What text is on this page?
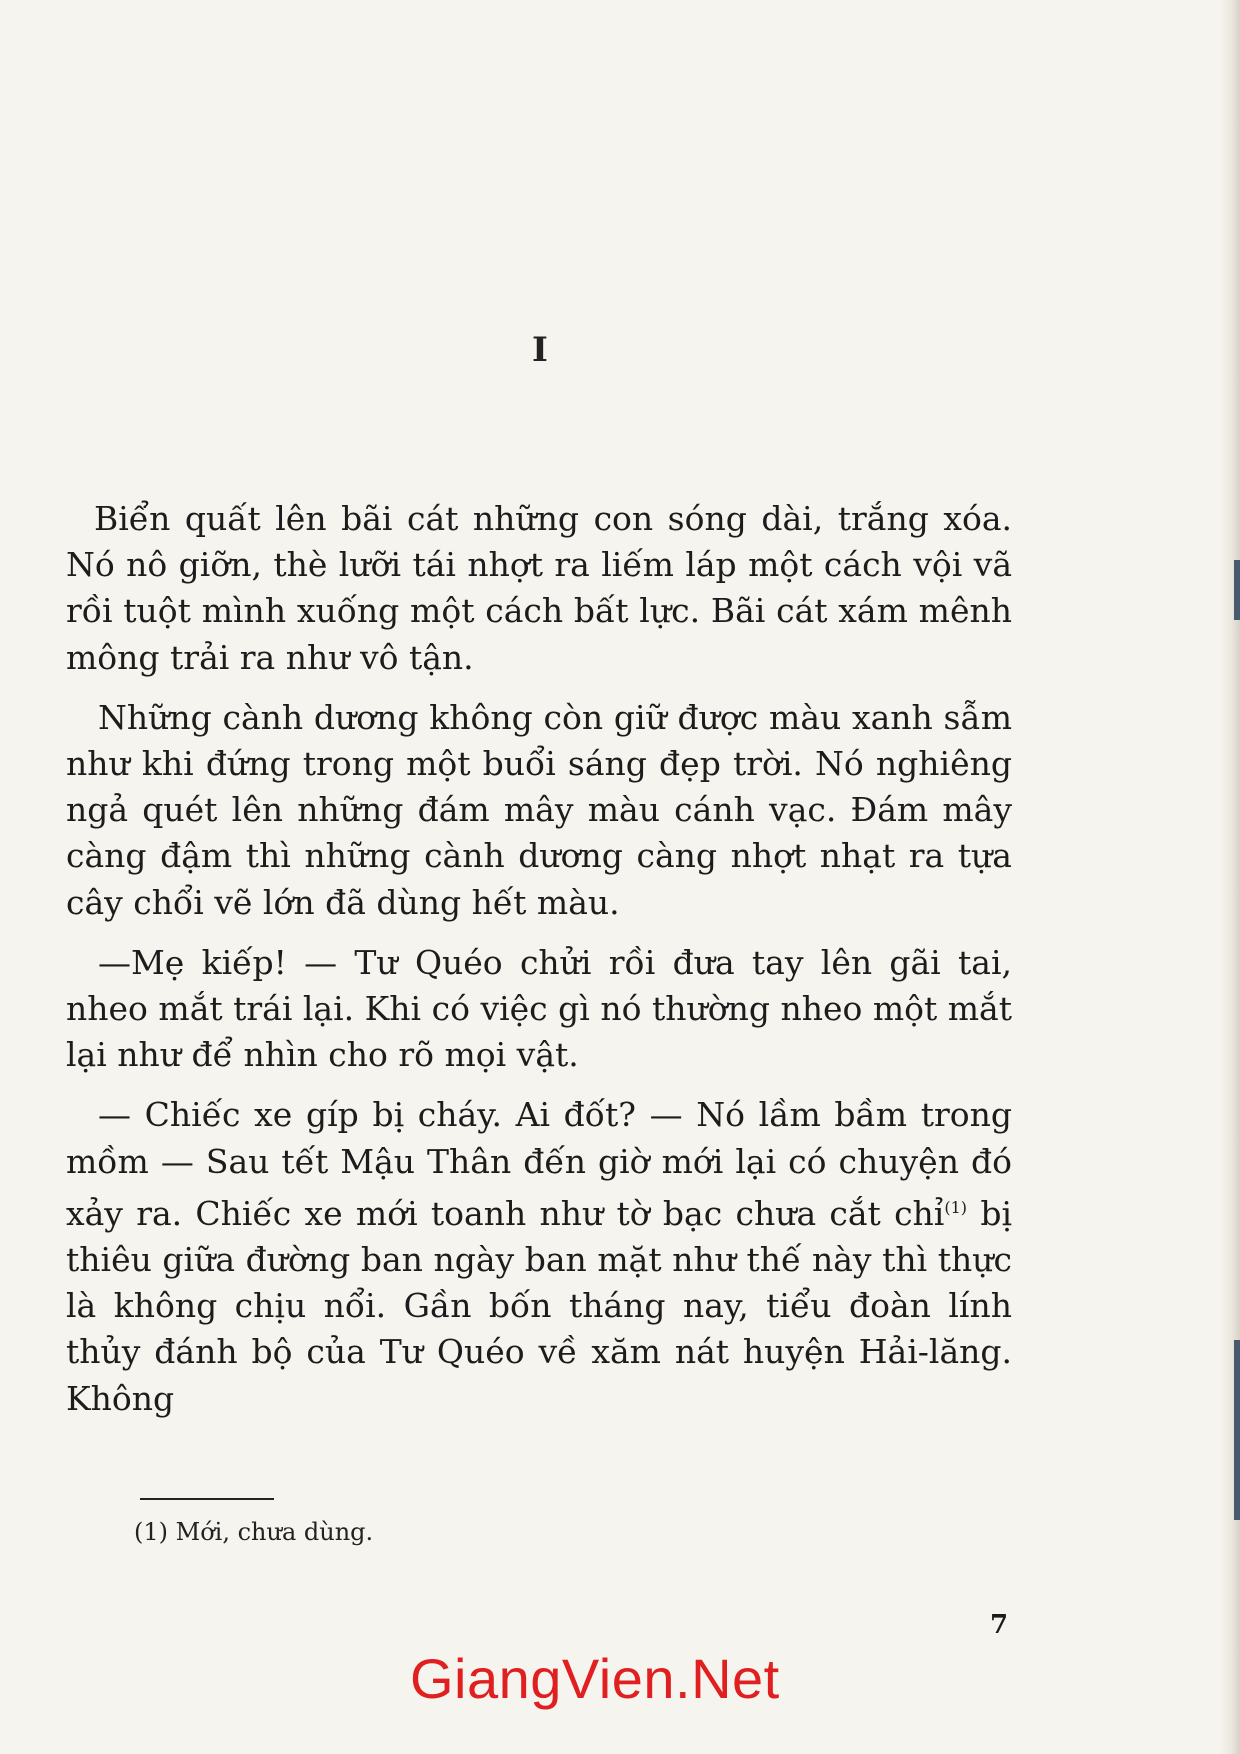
I

Biển quất lên bãi cát những con sóng dài, trắng xóa. Nó nô giỡn, thè lưỡi tái nhợt ra liếm láp một cách vội vã rồi tuột mình xuống một cách bất lực. Bãi cát xám mênh mông trải ra như vô tận.

Những cành dương không còn giữ được màu xanh sẫm như khi đứng trong một buổi sáng đẹp trời. Nó nghiêng ngả quét lên những đám mây màu cánh vạc. Đám mây càng đậm thì những cành dương càng nhợt nhạt ra tựa cây chổi vẽ lớn đã dùng hết màu.

—Mẹ kiếp! — Tư Quéo chửi rồi đưa tay lên gãi tai, nheo mắt trái lại. Khi có việc gì nó thường nheo một mắt lại như để nhìn cho rõ mọi vật.

— Chiếc xe gíp bị cháy. Ai đốt? — Nó lầm bầm trong mồm — Sau tết Mậu Thân đến giờ mới lại có chuyện đó xảy ra. Chiếc xe mới toanh như tờ bạc chưa cắt chỉ$^{(1)}$ bị thiêu giữa đường ban ngày ban mặt như thế này thì thực là không chịu nổi. Gần bốn tháng nay, tiểu đoàn lính thủy đánh bộ của Tư Quéo về xăm nát huyện Hải-lăng. Không

(1) Mới, chưa dùng.
7
GiangVien.Net
